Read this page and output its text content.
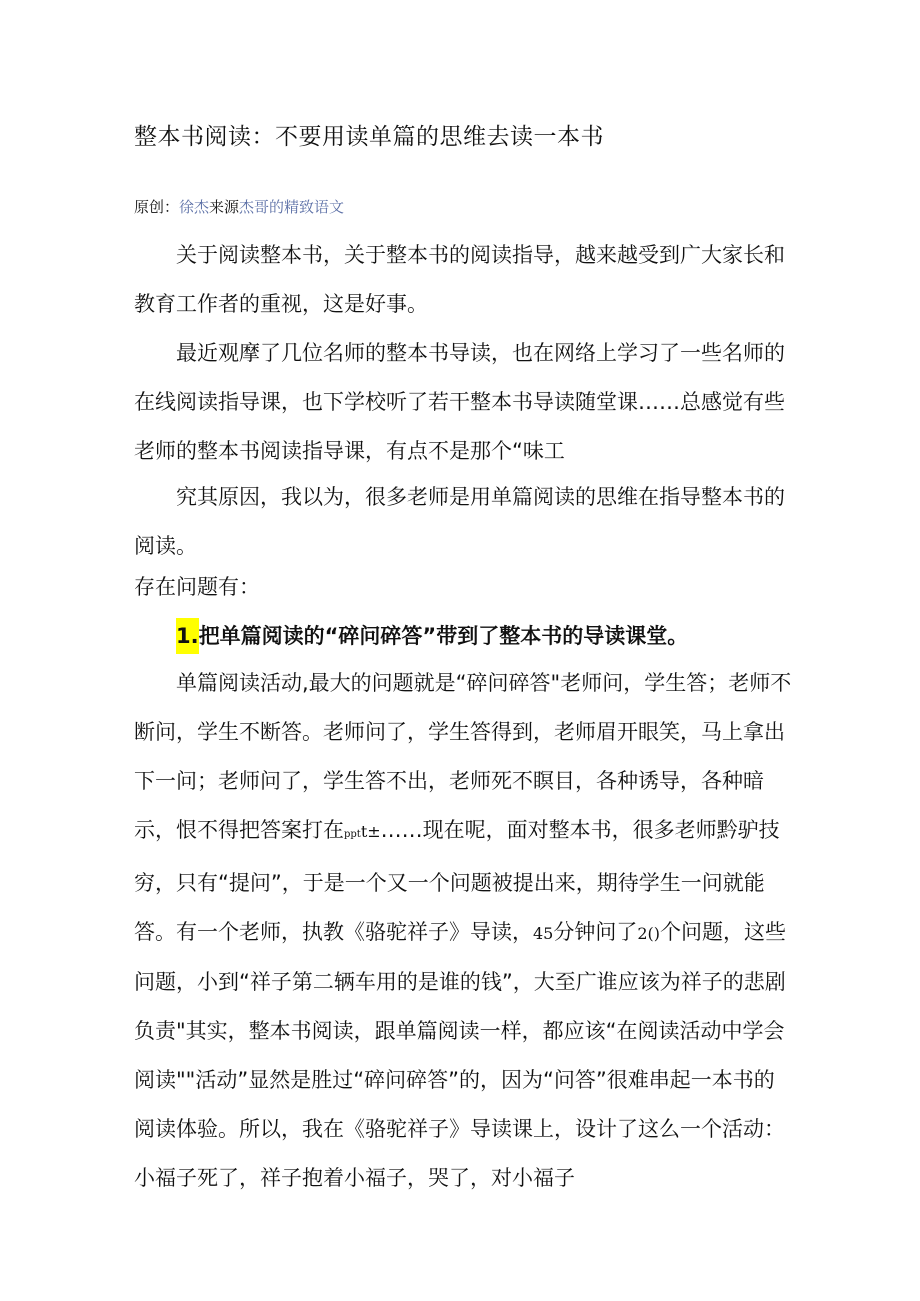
整本书阅读：不要用读单篇的思维去读一本书
原创：徐杰来源杰哥的精致语文

关于阅读整本书，关于整本书的阅读指导，越来越受到广大家长和教育工作者的重视，这是好事。

最近观摩了几位名师的整本书导读，也在网络上学习了一些名师的在线阅读指导课，也下学校听了若干整本书导读随堂课……总感觉有些老师的整本书阅读指导课，有点不是那个“味工

究其原因，我以为，很多老师是用单篇阅读的思维在指导整本书的阅读。

存在问题有：
1.把单篇阅读的“碎问碎答”带到了整本书的导读课堂。

单篇阅读活动,最大的问题就是“碎问碎答"老师问，学生答；老师不断问，学生不断答。老师问了，学生答得到，老师眉开眼笑，马上拿出下一问；老师问了，学生答不出，老师死不瞑目，各种诱导，各种暗示，恨不得把答案打在pptt±……现在呢，面对整本书，很多老师黔驴技穷，只有“提问”，于是一个又一个问题被提出来，期待学生一问就能答。有一个老师，执教《骆驼祥子》导读，45分钟问了2()个问题，这些问题，小到“祥子第二辆车用的是谁的钱”，大至广谁应该为祥子的悲剧负责"其实，整本书阅读，跟单篇阅读一样，都应该“在阅读活动中学会阅读""活动”显然是胜过“碎问碎答”的，因为“问答”很难串起一本书的阅读体验。所以，我在《骆驼祥子》导读课上，设计了这么一个活动：小福子死了，祥子抱着小福子，哭了，对小福子
